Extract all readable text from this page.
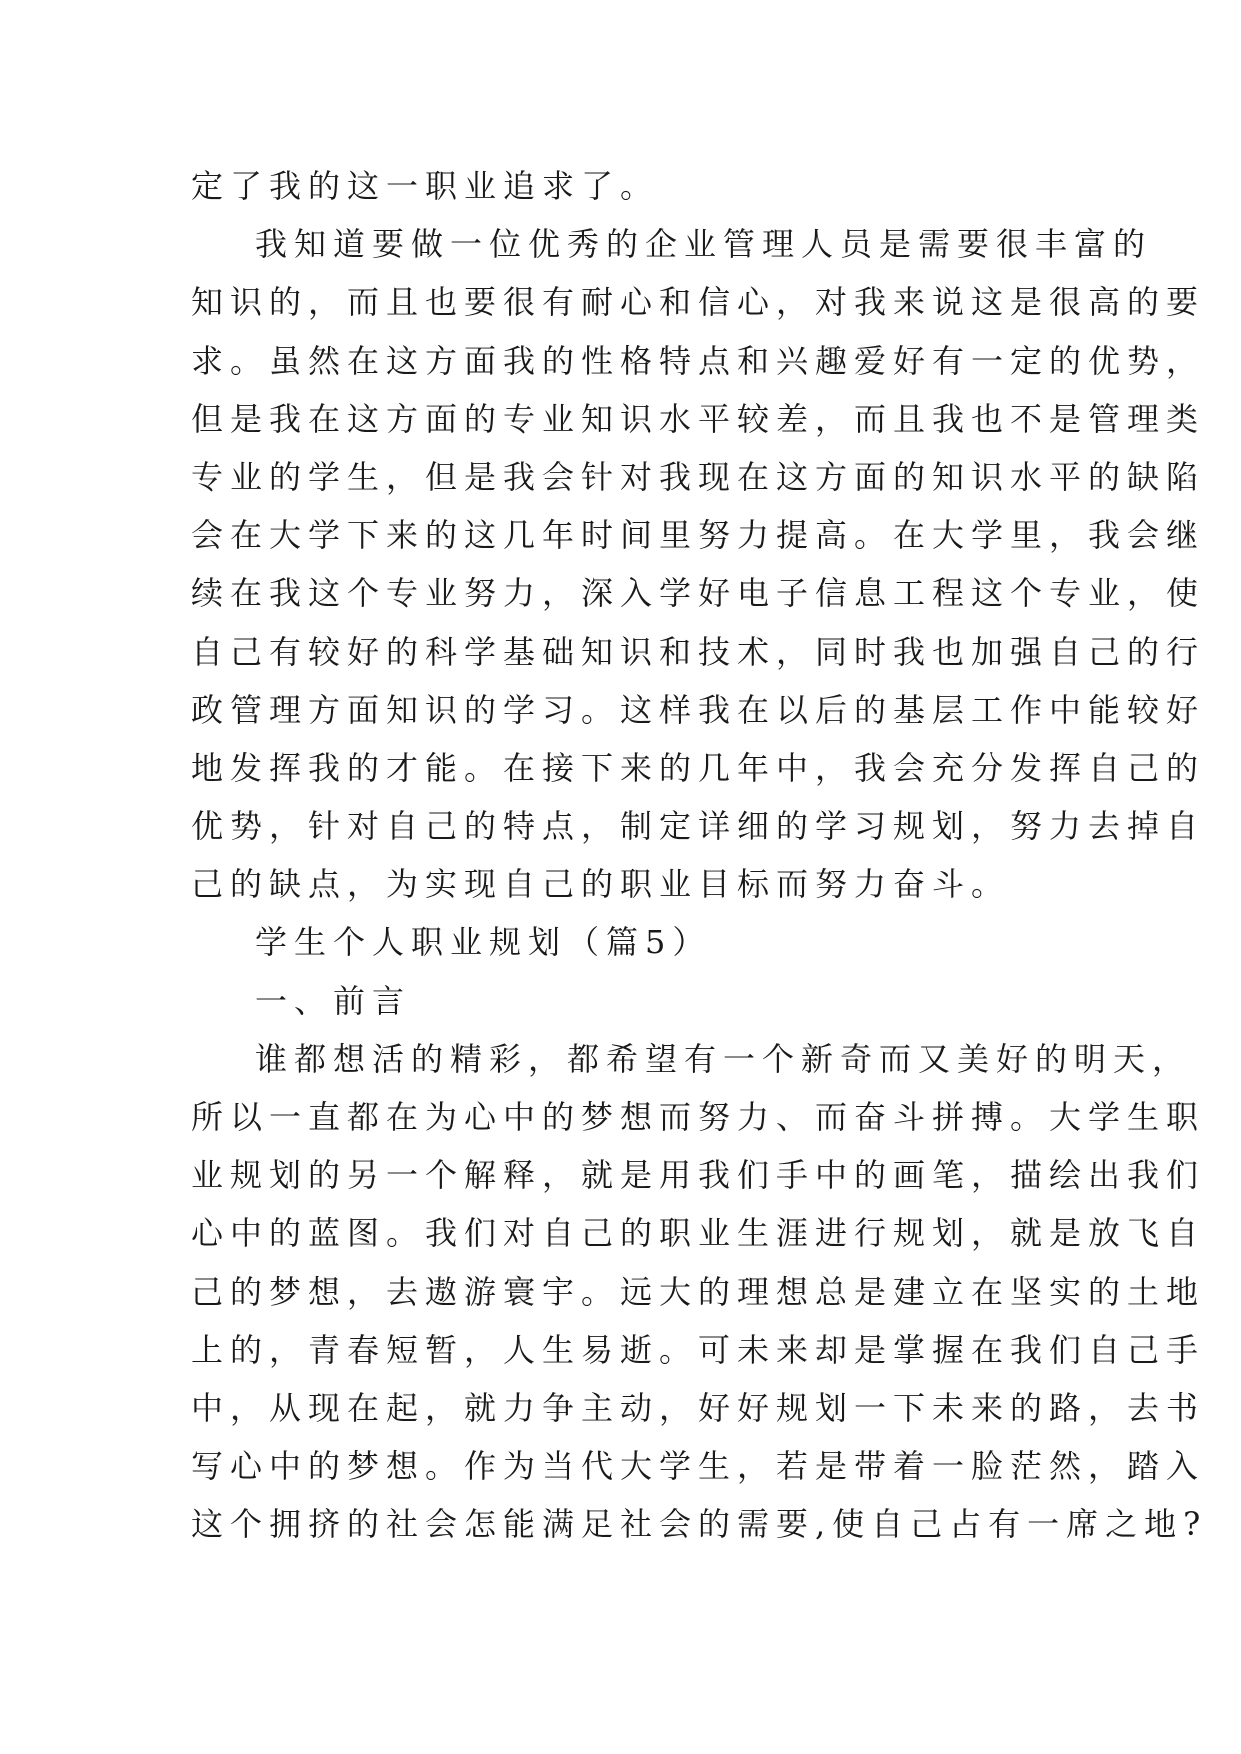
定了我的这一职业追求了。

我知道要做一位优秀的企业管理人员是需要很丰富的

知识的，而且也要很有耐心和信心，对我来说这是很高的要

求。虽然在这方面我的性格特点和兴趣爱好有一定的优势，

但是我在这方面的专业知识水平较差，而且我也不是管理类

专业的学生，但是我会针对我现在这方面的知识水平的缺陷

会在大学下来的这几年时间里努力提高。在大学里，我会继

续在我这个专业努力，深入学好电子信息工程这个专业，使

自己有较好的科学基础知识和技术，同时我也加强自己的行

政管理方面知识的学习。这样我在以后的基层工作中能较好

地发挥我的才能。在接下来的几年中，我会充分发挥自己的

优势，针对自己的特点，制定详细的学习规划，努力去掉自

己的缺点，为实现自己的职业目标而努力奋斗。

学生个人职业规划（篇5）

一、前言

谁都想活的精彩，都希望有一个新奇而又美好的明天，

所以一直都在为心中的梦想而努力、而奋斗拼搏。大学生职

业规划的另一个解释，就是用我们手中的画笔，描绘出我们

心中的蓝图。我们对自己的职业生涯进行规划，就是放飞自

己的梦想，去遨游寰宇。远大的理想总是建立在坚实的土地

上的，青春短暂，人生易逝。可未来却是掌握在我们自己手

中，从现在起，就力争主动，好好规划一下未来的路，去书

写心中的梦想。作为当代大学生，若是带着一脸茫然，踏入

这个拥挤的社会怎能满足社会的需要,使自己占有一席之地?
